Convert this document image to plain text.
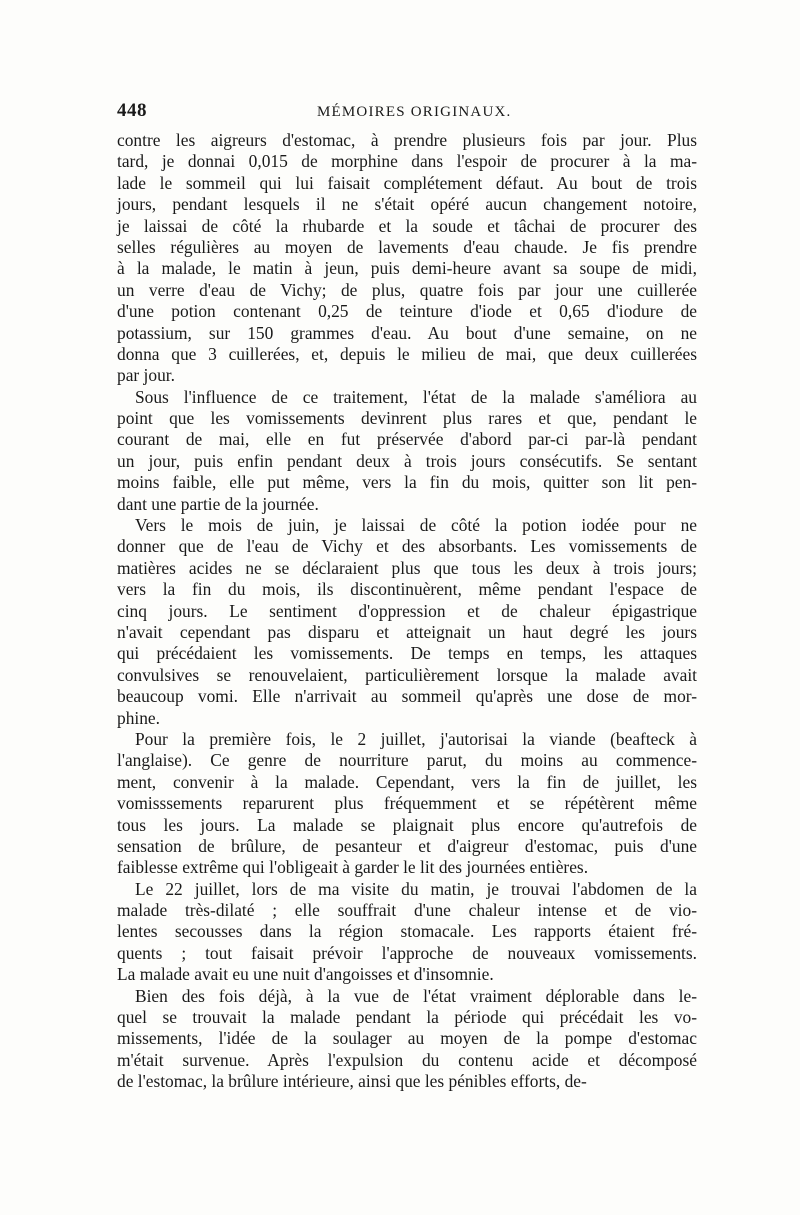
448	MÉMOIRES ORIGINAUX.
contre les aigreurs d'estomac, à prendre plusieurs fois par jour. Plus
tard, je donnai 0,015 de morphine dans l'espoir de procurer à la ma-
lade le sommeil qui lui faisait complétement défaut. Au bout de trois
jours, pendant lesquels il ne s'était opéré aucun changement notoire,
je laissai de côté la rhubarde et la soude et tâchai de procurer des
selles régulières au moyen de lavements d'eau chaude. Je fis prendre
à la malade, le matin à jeun, puis demi-heure avant sa soupe de midi,
un verre d'eau de Vichy; de plus, quatre fois par jour une cuillerée
d'une potion contenant 0,25 de teinture d'iode et 0,65 d'iodure de
potassium, sur 150 grammes d'eau. Au bout d'une semaine, on ne
donna que 3 cuillerées, et, depuis le milieu de mai, que deux cuillerées
par jour.
Sous l'influence de ce traitement, l'état de la malade s'améliora au
point que les vomissements devinrent plus rares et que, pendant le
courant de mai, elle en fut préservée d'abord par-ci par-là pendant
un jour, puis enfin pendant deux à trois jours consécutifs. Se sentant
moins faible, elle put même, vers la fin du mois, quitter son lit pen-
dant une partie de la journée.
Vers le mois de juin, je laissai de côté la potion iodée pour ne
donner que de l'eau de Vichy et des absorbants. Les vomissements de
matières acides ne se déclaraient plus que tous les deux à trois jours;
vers la fin du mois, ils discontinuèrent, même pendant l'espace de
cinq jours. Le sentiment d'oppression et de chaleur épigastrique
n'avait cependant pas disparu et atteignait un haut degré les jours
qui précédaient les vomissements. De temps en temps, les attaques
convulsives se renouvelaient, particulièrement lorsque la malade avait
beaucoup vomi. Elle n'arrivait au sommeil qu'après une dose de mor-
phine.
Pour la première fois, le 2 juillet, j'autorisai la viande (beafteck à
l'anglaise). Ce genre de nourriture parut, du moins au commence-
ment, convenir à la malade. Cependant, vers la fin de juillet, les
vomisssements reparurent plus fréquemment et se répétèrent même
tous les jours. La malade se plaignait plus encore qu'autrefois de
sensation de brûlure, de pesanteur et d'aigreur d'estomac, puis d'une
faiblesse extrême qui l'obligeait à garder le lit des journées entières.
Le 22 juillet, lors de ma visite du matin, je trouvai l'abdomen de la
malade très-dilaté ; elle souffrait d'une chaleur intense et de vio-
lentes secousses dans la région stomacale. Les rapports étaient fré-
quents ; tout faisait prévoir l'approche de nouveaux vomissements.
La malade avait eu une nuit d'angoisses et d'insomnie.
Bien des fois déjà, à la vue de l'état vraiment déplorable dans le-
quel se trouvait la malade pendant la période qui précédait les vo-
missements, l'idée de la soulager au moyen de la pompe d'estomac
m'était survenue. Après l'expulsion du contenu acide et décomposé
de l'estomac, la brûlure intérieure, ainsi que les pénibles efforts, de-
